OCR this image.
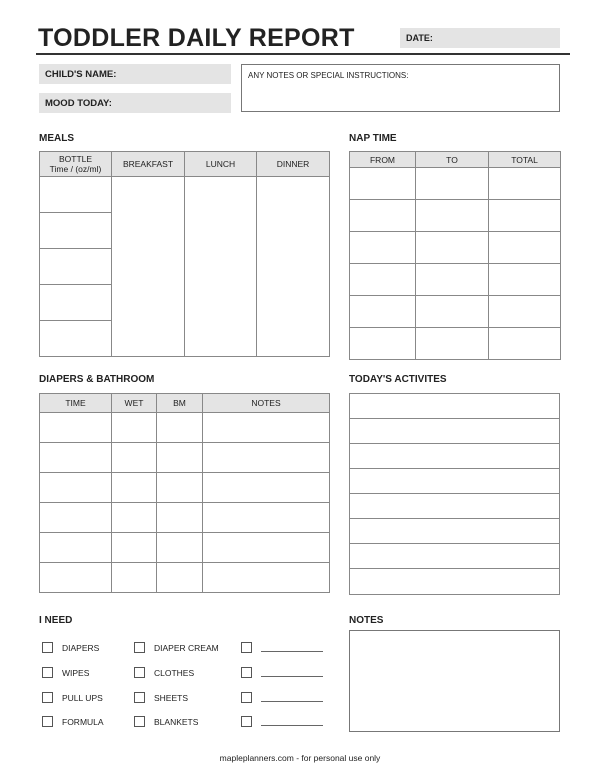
TODDLER DAILY REPORT	DATE:
CHILD'S NAME:
MOOD TODAY:
ANY NOTES OR SPECIAL INSTRUCTIONS:
MEALS
BOTTLE
Time / (oz/ml)	BREAKFAST	LUNCH	DINNER

NAP TIME
FROM	TO	TOTAL

DIAPERS & BATHROOM
TIME	WET	BM	NOTES

TODAY'S ACTIVITES

I NEED
DIAPERS
WIPES
PULL UPS
FORMULA
DIAPER CREAM
CLOTHES
SHEETS
BLANKETS
NOTES
mapleplanners.com - for personal use only
